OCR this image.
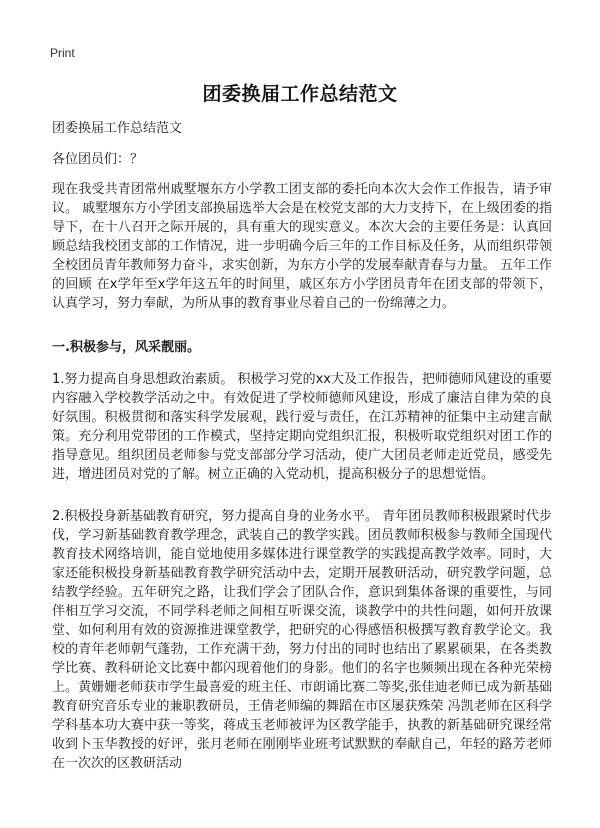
Print
团委换届工作总结范文
团委换届工作总结范文
各位团员们：？
现在我受共青团常州戚墅堰东方小学教工团支部的委托向本次大会作工作报告，请予审议。 戚墅堰东方小学团支部换届选举大会是在校党支部的大力支持下，在上级团委的指导下，在十八召开之际开展的，具有重大的现实意义。本次大会的主要任务是：认真回顾总结我校团支部的工作情况，进一步明确今后三年的工作目标及任务，从而组织带领全校团员青年教师努力奋斗，求实创新，为东方小学的发展奉献青春与力量。 五年工作的回顾 在x学年至x学年这五年的时间里，戚区东方小学团员青年在团支部的带领下，认真学习，努力奉献，为所从事的教育事业尽着自己的一份绵薄之力。
一.积极参与，风采靓丽。
1.努力提高自身思想政治素质。 积极学习党的xx大及工作报告，把师德师风建设的重要内容融入学校教学活动之中。有效促进了学校师德师风建设，形成了廉洁自律为荣的良好氛围。积极贯彻和落实科学发展观，践行爱与责任，在江苏精神的征集中主动建言献策。充分利用党带团的工作模式，坚持定期向党组织汇报，积极听取党组织对团工作的指导意见。组织团员老师参与党支部部分学习活动，使广大团员老师走近党员，感受先进，增进团员对党的了解。树立正确的入党动机，提高积极分子的思想觉悟。
2.积极投身新基础教育研究，努力提高自身的业务水平。 青年团员教师积极跟紧时代步伐，学习新基础教育教学理念，武装自己的教学实践。团员教师积极参与教师全国现代教育技术网络培训，能自觉地使用多媒体进行课堂教学的实践提高教学效率。同时，大家还能积极投身新基础教育教学研究活动中去，定期开展教研活动，研究教学问题，总结教学经验。五年研究之路，让我们学会了团队合作，意识到集体备课的重要性，与同伴相互学习交流，不同学科老师之间相互听课交流，谈教学中的共性问题，如何开放课堂、如何利用有效的资源推进课堂教学，把研究的心得感悟积极撰写教育教学论文。我校的青年老师朝气蓬勃，工作充满干劲，努力付出的同时也结出了累累硕果，在各类教学比赛、教科研论文比赛中都闪现着他们的身影。他们的名字也频频出现在各种光荣榜上。黄姗姗老师获市学生最喜爱的班主任、市朗诵比赛二等奖,张佳迪老师已成为新基础教育研究音乐专业的兼职教研员，王倩老师编的舞蹈在市区屡获殊荣 冯凯老师在区科学学科基本功大赛中获一等奖，蒋成玉老师被评为区教学能手，执教的新基础研究课经常收到卜玉华教授的好评，张月老师在刚刚毕业班考试默默的奉献自己，年轻的路芳老师在一次次的区教研活动
